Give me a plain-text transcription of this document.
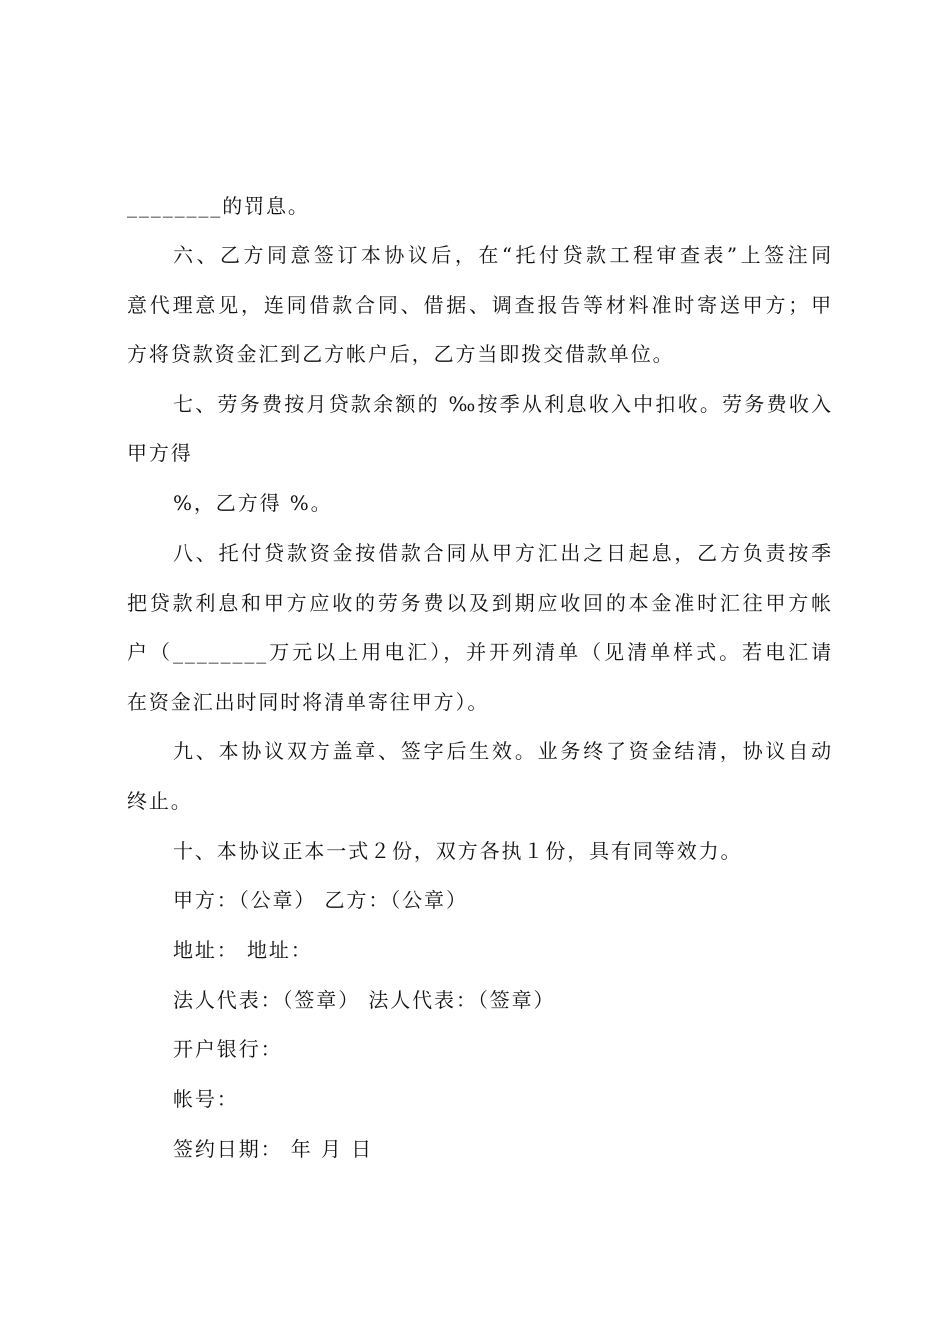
________的罚息。
六、乙方同意签订本协议后，在“托付贷款工程审查表”上签注同
意代理意见，连同借款合同、借据、调查报告等材料准时寄送甲方；甲
方将贷款资金汇到乙方帐户后，乙方当即拨交借款单位。
七、劳务费按月贷款余额的 ‰按季从利息收入中扣收。劳务费收入
甲方得
%，乙方得 %。
八、托付贷款资金按借款合同从甲方汇出之日起息，乙方负责按季
把贷款利息和甲方应收的劳务费以及到期应收回的本金准时汇往甲方帐
户（________万元以上用电汇），并开列清单（见清单样式。若电汇请
在资金汇出时同时将清单寄往甲方）。
九、本协议双方盖章、签字后生效。业务终了资金结清，协议自动
终止。
十、本协议正本一式２份，双方各执１份，具有同等效力。
甲方：（公章） 乙方：（公章）
地址： 地址：
法人代表：（签章） 法人代表：（签章）
开户银行：
帐号：
签约日期： 年 月 日
